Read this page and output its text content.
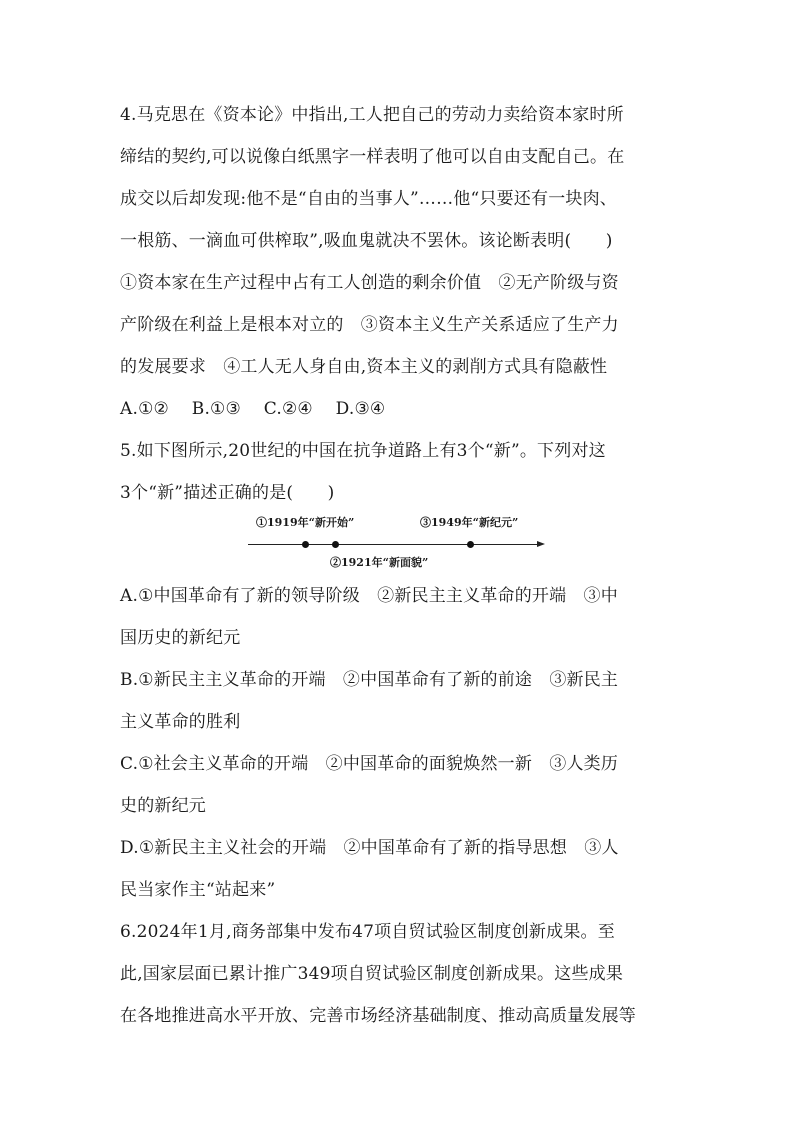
4.马克思在《资本论》中指出,工人把自己的劳动力卖给资本家时所
缔结的契约,可以说像白纸黑字一样表明了他可以自由支配自己。在
成交以后却发现:他不是“自由的当事人”……他“只要还有一块肉、
一根筋、一滴血可供榨取”,吸血鬼就决不罢休。该论断表明(　　)
①资本家在生产过程中占有工人创造的剩余价值　②无产阶级与资
产阶级在利益上是根本对立的　③资本主义生产关系适应了生产力
的发展要求　④工人无人身自由,资本主义的剥削方式具有隐蔽性
A.①②　 B.①③　 C.②④　 D.③④
5.如下图所示,20世纪的中国在抗争道路上有3个“新”。下列对这
3个“新”描述正确的是(　　)
①1919年“新开始”	③1949年“新纪元”
②1921年“新面貌”
A.①中国革命有了新的领导阶级　②新民主主义革命的开端　③中
国历史的新纪元
B.①新民主主义革命的开端　②中国革命有了新的前途　③新民主
主义革命的胜利
C.①社会主义革命的开端　②中国革命的面貌焕然一新　③人类历
史的新纪元
D.①新民主主义社会的开端　②中国革命有了新的指导思想　③人
民当家作主“站起来”
6.2024年1月,商务部集中发布47项自贸试验区制度创新成果。至
此,国家层面已累计推广349项自贸试验区制度创新成果。这些成果
在各地推进高水平开放、完善市场经济基础制度、推动高质量发展等
